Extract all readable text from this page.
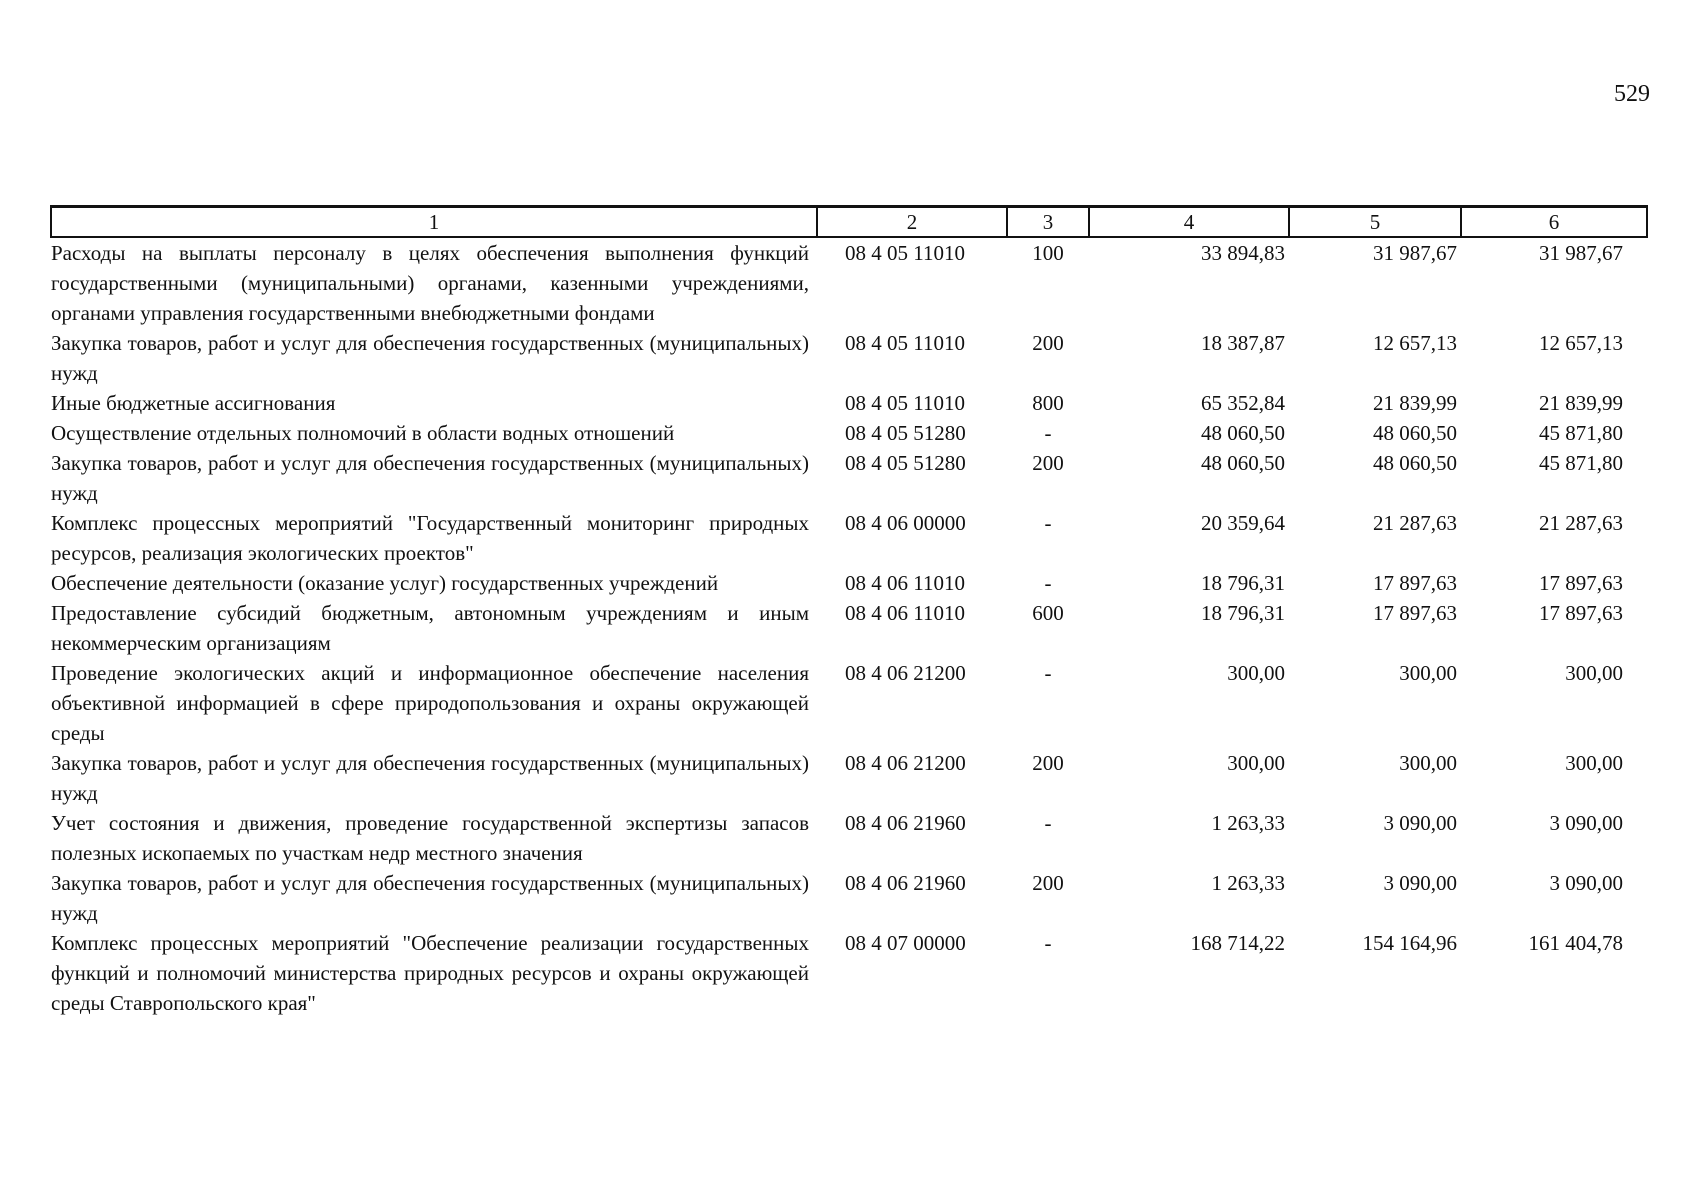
529
1	2	3	4	5	6
Расходы на выплаты персоналу в целях обеспечения выполнения функций государственными (муниципальными) органами, казенными учреждениями, органами управления государственными внебюджетными фондами	08 4 05 11010	100	33 894,83	31 987,67	31 987,67
Закупка товаров, работ и услуг для обеспечения государственных (муниципальных) нужд	08 4 05 11010	200	18 387,87	12 657,13	12 657,13
Иные бюджетные ассигнования	08 4 05 11010	800	65 352,84	21 839,99	21 839,99
Осуществление отдельных полномочий в области водных отношений	08 4 05 51280	-	48 060,50	48 060,50	45 871,80
Закупка товаров, работ и услуг для обеспечения государственных (муниципальных) нужд	08 4 05 51280	200	48 060,50	48 060,50	45 871,80
Комплекс процессных мероприятий "Государственный мониторинг природных ресурсов, реализация экологических проектов"	08 4 06 00000	-	20 359,64	21 287,63	21 287,63
Обеспечение деятельности (оказание услуг) государственных учреждений	08 4 06 11010	-	18 796,31	17 897,63	17 897,63
Предоставление субсидий бюджетным, автономным учреждениям и иным некоммерческим организациям	08 4 06 11010	600	18 796,31	17 897,63	17 897,63
Проведение экологических акций и информационное обеспечение населения объективной информацией в сфере природопользования и охраны окружающей среды	08 4 06 21200	-	300,00	300,00	300,00
Закупка товаров, работ и услуг для обеспечения государственных (муниципальных) нужд	08 4 06 21200	200	300,00	300,00	300,00
Учет состояния и движения, проведение государственной экспертизы запасов полезных ископаемых по участкам недр местного значения	08 4 06 21960	-	1 263,33	3 090,00	3 090,00
Закупка товаров, работ и услуг для обеспечения государственных (муниципальных) нужд	08 4 06 21960	200	1 263,33	3 090,00	3 090,00
Комплекс процессных мероприятий "Обеспечение реализации государственных функций и полномочий министерства природных ресурсов и охраны окружающей среды Ставропольского края"	08 4 07 00000	-	168 714,22	154 164,96	161 404,78
